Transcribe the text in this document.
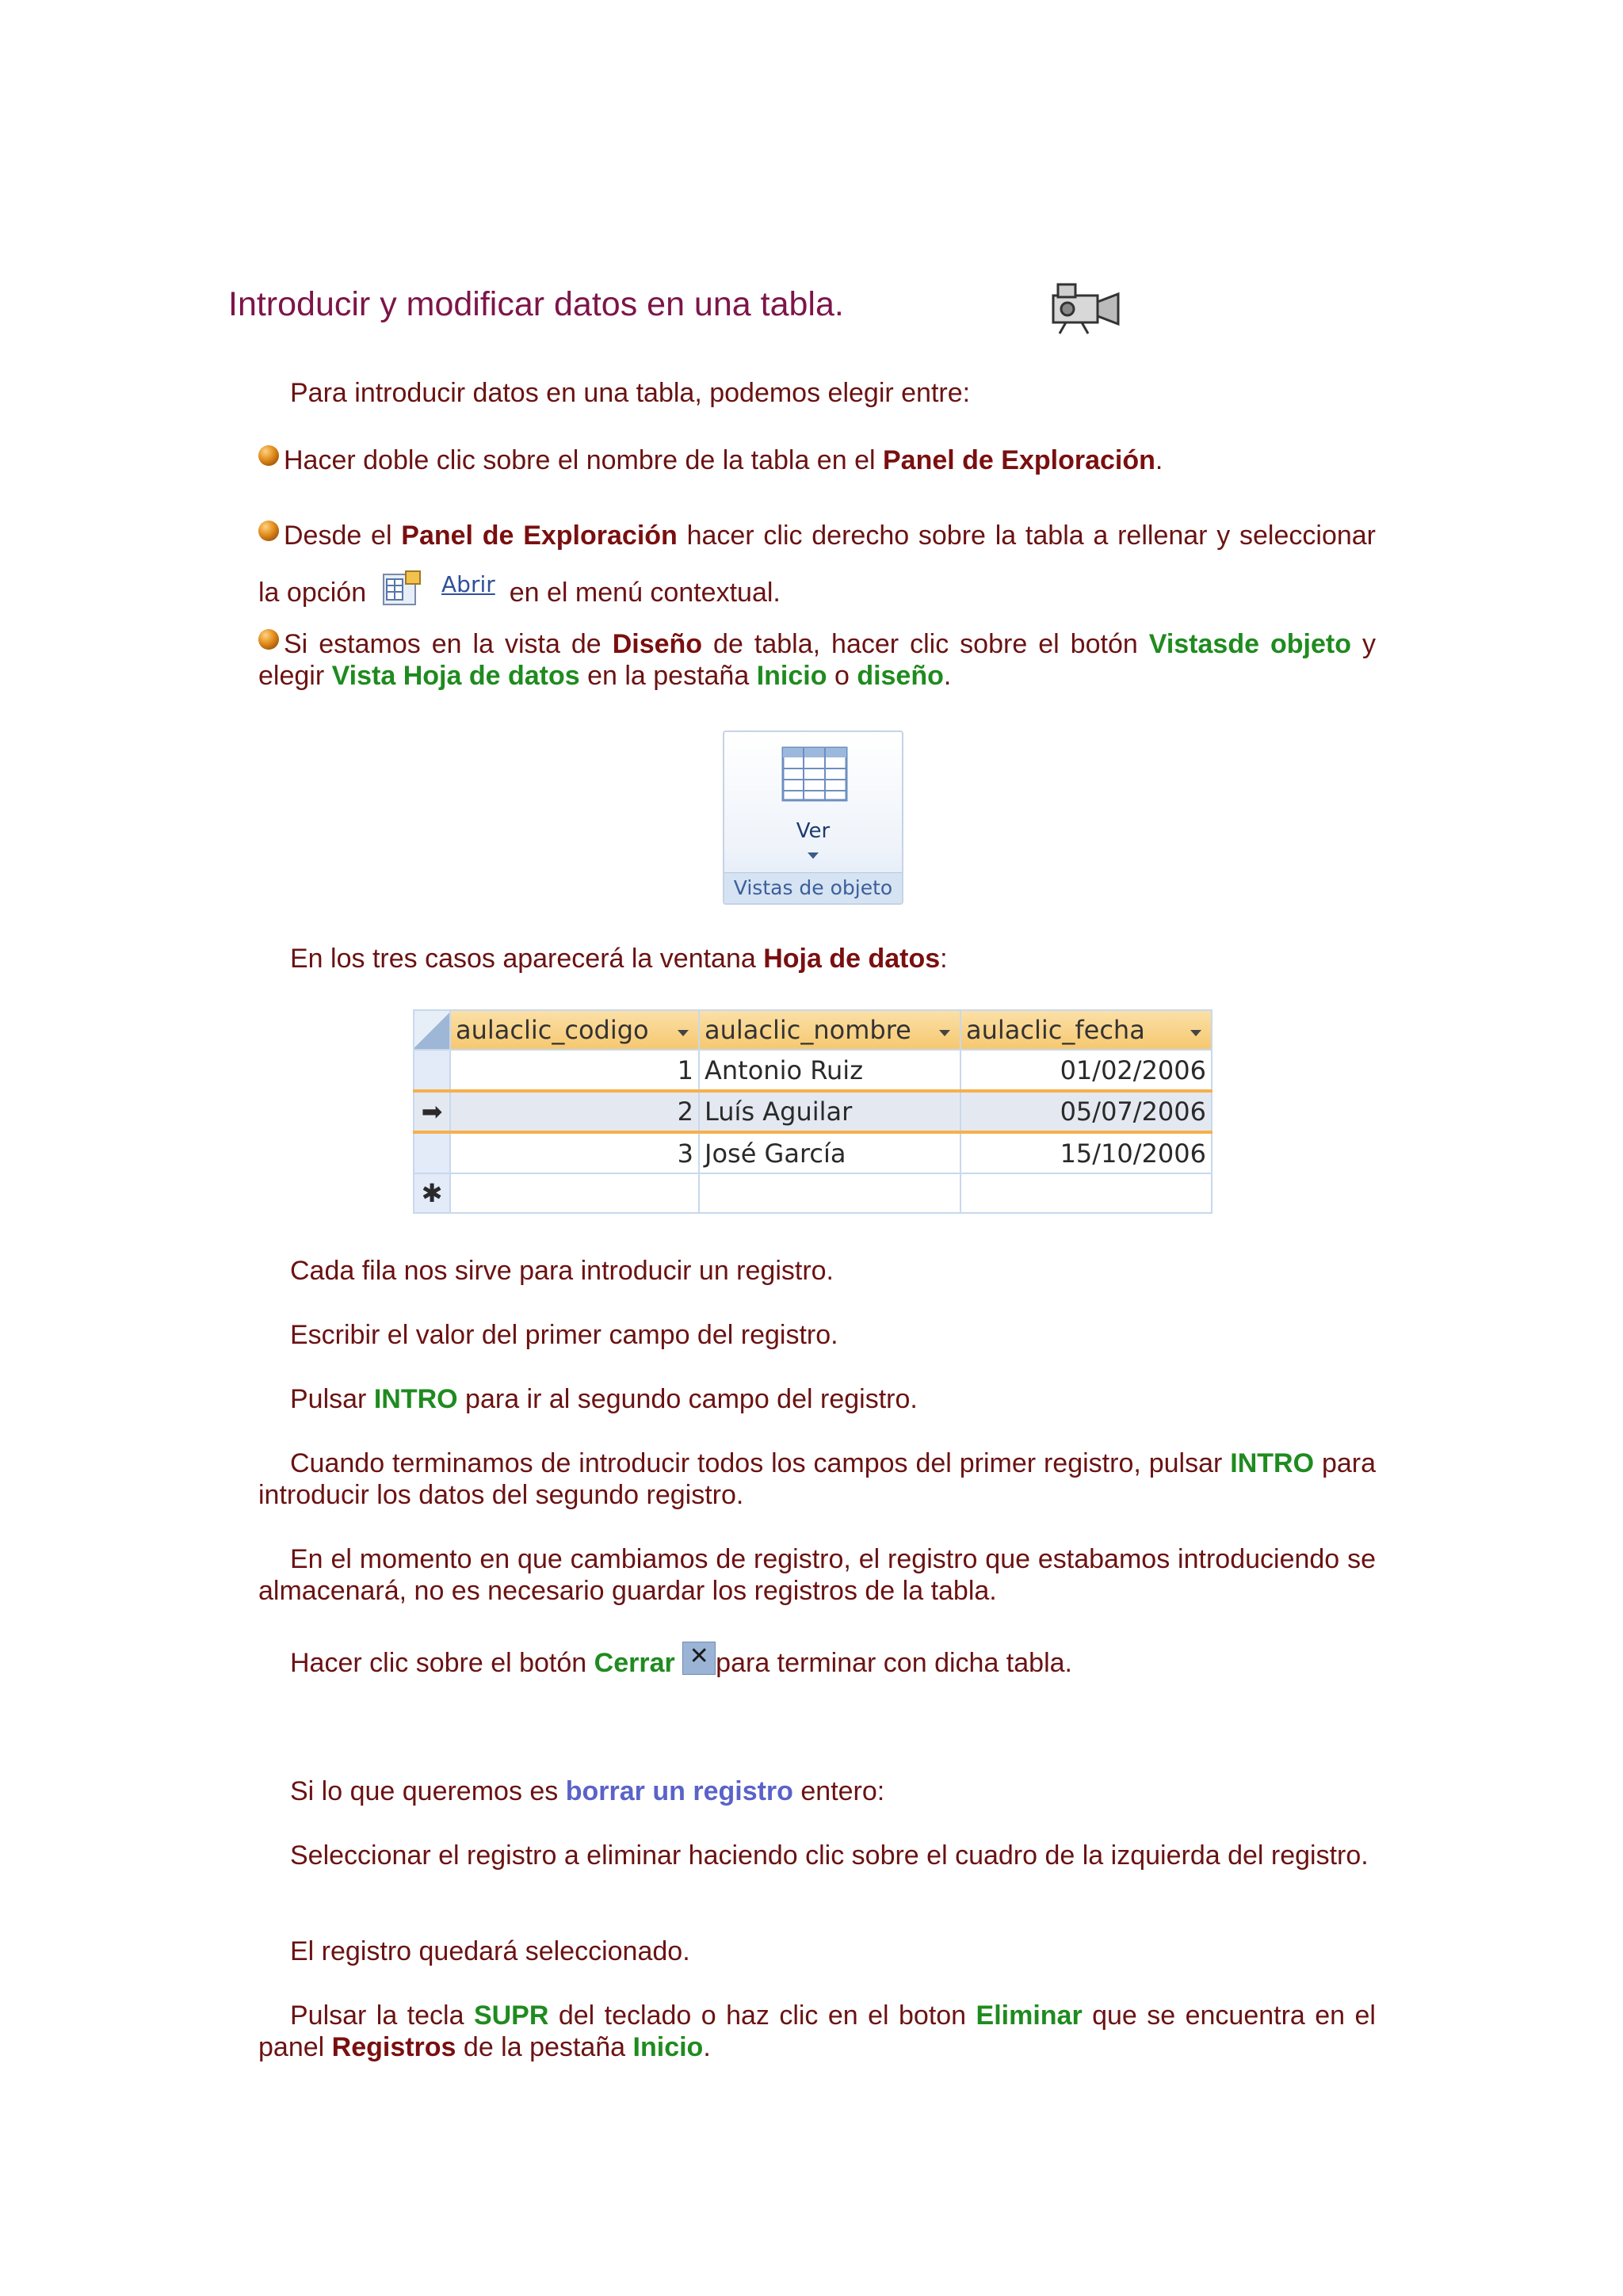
Introducir y modificar datos en una tabla.
Para introducir datos en una tabla, podemos elegir entre:
Hacer doble clic sobre el nombre de la tabla en el Panel de Exploración.
Desde el Panel de Exploración hacer clic derecho sobre la tabla a rellenar y seleccionar la opción	$^{Abrir}$ en el menú contextual.
Si estamos en la vista de Diseño de tabla, hacer clic sobre el botón Vistasde objeto y elegir Vista Hoja de datos en la pestaña Inicio o diseño.
Ver
Vistas de objeto
En los tres casos aparecerá la ventana Hoja de datos:
	aulaclic_codigo	aulaclic_nombre	aulaclic_fecha

	1	Antonio Ruiz	01/02/2006
➡	2	Luís Aguilar	05/07/2006
	3	José García	15/10/2006
✱			
Cada fila nos sirve para introducir un registro.
Escribir el valor del primer campo del registro.
Pulsar INTRO para ir al segundo campo del registro.
Cuando terminamos de introducir todos los campos del primer registro, pulsar INTRO para introducir los datos del segundo registro.
En el momento en que cambiamos de registro, el registro que estabamos introduciendo se almacenará, no es necesario guardar los registros de la tabla.
Hacer clic sobre el botón Cerrar ✕ para terminar con dicha tabla.
Si lo que queremos es borrar un registro entero:
Seleccionar el registro a eliminar haciendo clic sobre el cuadro de la izquierda del registro.
El registro quedará seleccionado.
Pulsar la tecla SUPR del teclado o haz clic en el boton Eliminar que se encuentra en el panel Registros de la pestaña Inicio.
